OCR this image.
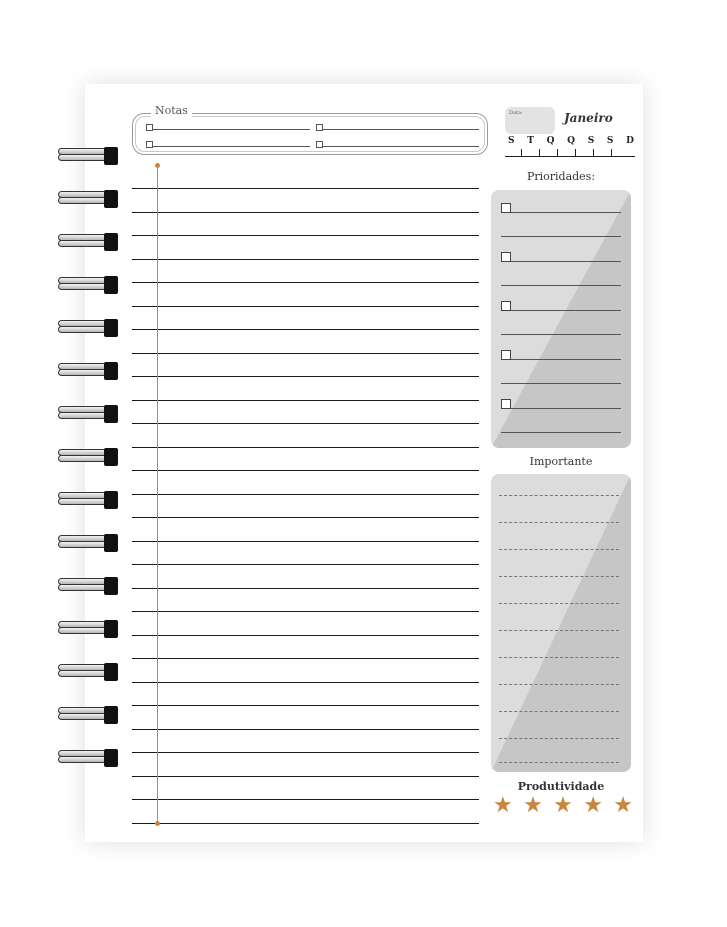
Notas	Data:	Janeiro
S T Q Q S S D
Prioridades:
Importante
Produtividade
★ ★ ★ ★ ★
